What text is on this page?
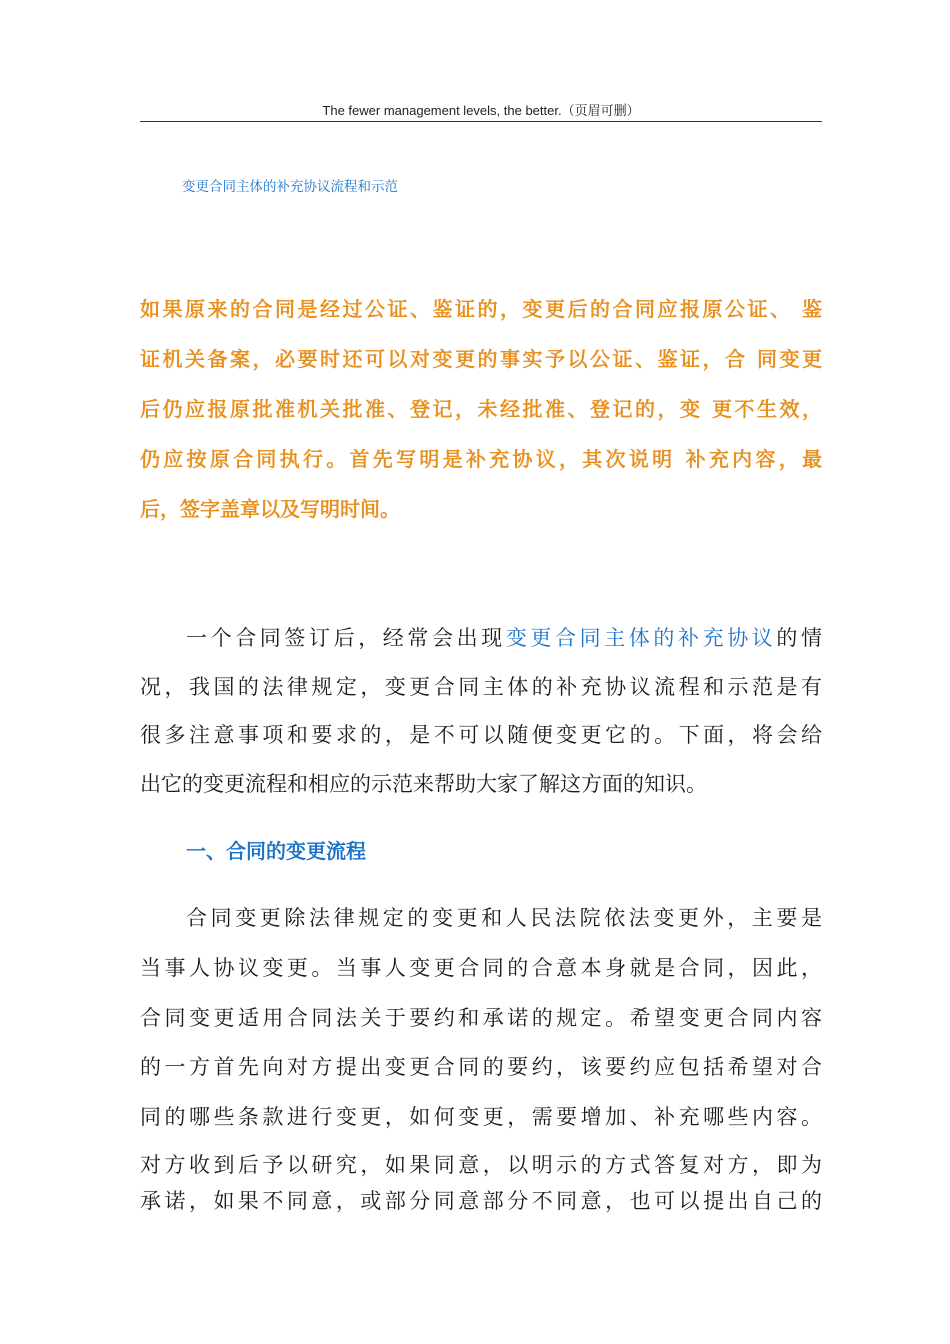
The fewer management levels, the better.（页眉可删）
变更合同主体的补充协议流程和示范
如果原来的合同是经过公证、鉴证的，变更后的合同应报原公证、 鉴
证机关备案，必要时还可以对变更的事实予以公证、鉴证，合 同变更
后仍应报原批准机关批准、登记，未经批准、登记的，变 更不生效，
仍应按原合同执行。首先写明是补充协议，其次说明 补充内容，最
后，签字盖章以及写明时间。
一个合同签订后，经常会出现变更合同主体的补充协议的情
况，我国的法律规定，变更合同主体的补充协议流程和示范是有
很多注意事项和要求的，是不可以随便变更它的。下面，将会给
出它的变更流程和相应的示范来帮助大家了解这方面的知识。
一、合同的变更流程
合同变更除法律规定的变更和人民法院依法变更外，主要是
当事人协议变更。当事人变更合同的合意本身就是合同，因此，
合同变更适用合同法关于要约和承诺的规定。希望变更合同内容
的一方首先向对方提出变更合同的要约，该要约应包括希望对合
同的哪些条款进行变更，如何变更，需要增加、补充哪些内容。
对方收到后予以研究，如果同意，以明示的方式答复对方，即为
承诺，如果不同意，或部分同意部分不同意，也可以提出自己的
